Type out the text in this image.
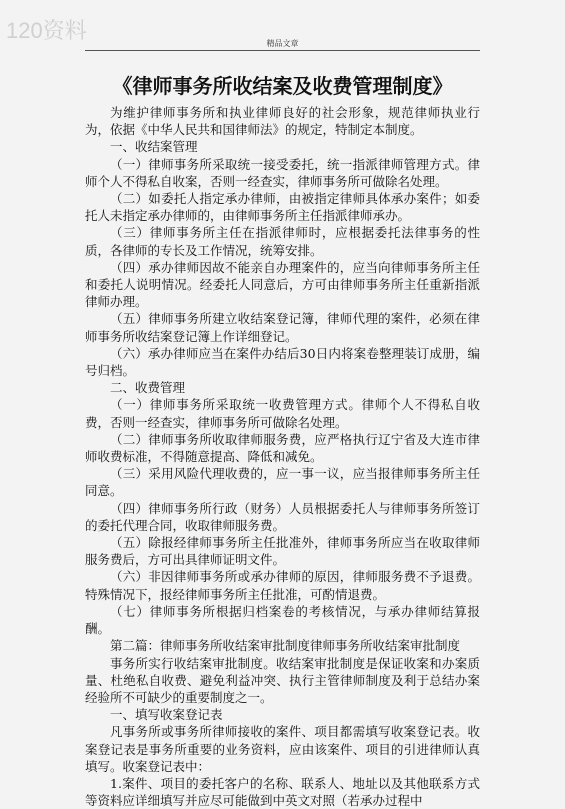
120资料
精品文章
《律师事务所收结案及收费管理制度》

为维护律师事务所和执业律师良好的社会形象，规范律师执业行为，依据《中华人民共和国律师法》的规定，特制定本制度。

一、收结案管理

（一）律师事务所采取统一接受委托，统一指派律师管理方式。律师个人不得私自收案，否则一经查实，律师事务所可做除名处理。

（二）如委托人指定承办律师，由被指定律师具体承办案件；如委托人未指定承办律师的，由律师事务所主任指派律师承办。

（三）律师事务所主任在指派律师时，应根据委托法律事务的性质，各律师的专长及工作情况，统筹安排。

（四）承办律师因故不能亲自办理案件的，应当向律师事务所主任和委托人说明情况。经委托人同意后，方可由律师事务所主任重新指派律师办理。

（五）律师事务所建立收结案登记簿，律师代理的案件，必须在律师事务所收结案登记簿上作详细登记。

（六）承办律师应当在案件办结后30日内将案卷整理装订成册，编号归档。

二、收费管理

（一）律师事务所采取统一收费管理方式。律师个人不得私自收费，否则一经查实，律师事务所可做除名处理。

（二）律师事务所收取律师服务费，应严格执行辽宁省及大连市律师收费标准，不得随意提高、降低和减免。

（三）采用风险代理收费的，应一事一议，应当报律师事务所主任同意。

（四）律师事务所行政（财务）人员根据委托人与律师事务所签订的委托代理合同，收取律师服务费。

（五）除报经律师事务所主任批准外，律师事务所应当在收取律师服务费后，方可出具律师证明文件。

（六）非因律师事务所或承办律师的原因，律师服务费不予退费。特殊情况下，报经律师事务所主任批准，可酌情退费。

（七）律师事务所根据归档案卷的考核情况，与承办律师结算报酬。

第二篇：律师事务所收结案审批制度律师事务所收结案审批制度

事务所实行收结案审批制度。收结案审批制度是保证收案和办案质量、杜绝私自收费、避免利益冲突、执行主管律师制度及利于总结办案经验所不可缺少的重要制度之一。

一、填写收案登记表

凡事务所或事务所律师接收的案件、项目都需填写收案登记表。收案登记表是事务所重要的业务资料，应由该案件、项目的引进律师认真填写。收案登记表中：

1.案件、项目的委托客户的名称、联系人、地址以及其他联系方式等资料应详细填写并应尽可能做到中英文对照（若承办过程中
